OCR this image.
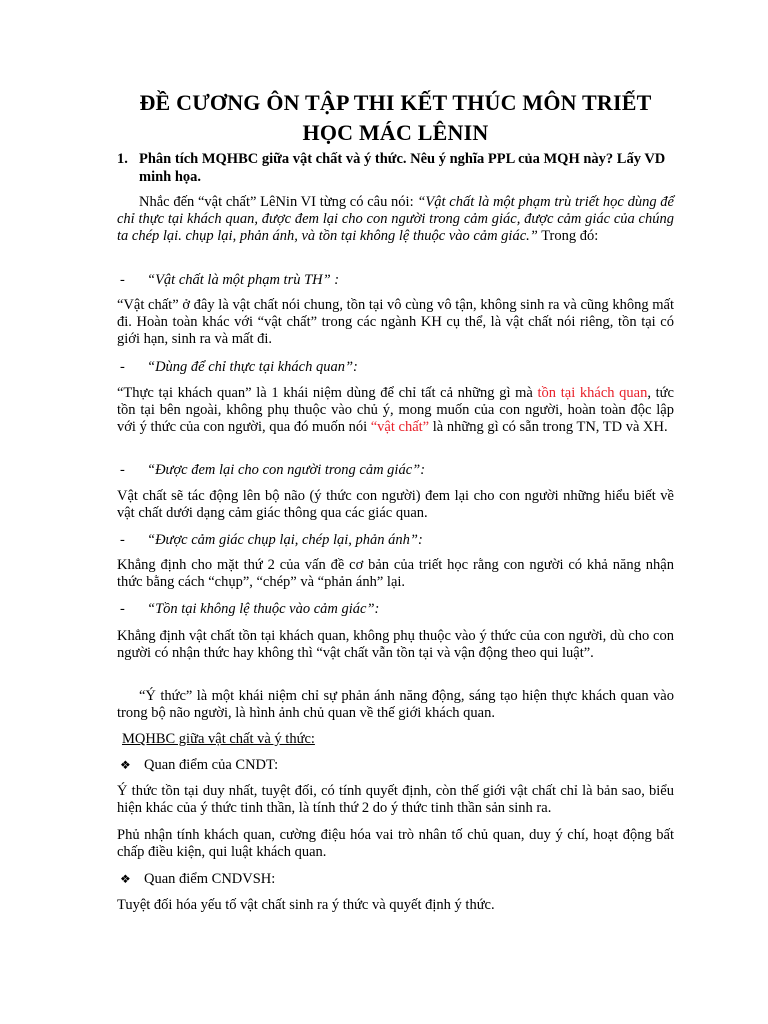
ĐỀ CƯƠNG ÔN TẬP THI KẾT THÚC MÔN TRIẾT
HỌC MÁC LÊNIN
1. Phân tích MQHBC giữa vật chất và ý thức. Nêu ý nghĩa PPL của MQH này? Lấy VD minh họa.
Nhắc đến “vật chất” LêNin VI từng có câu nói: “Vật chất là một phạm trù triết học dùng để chỉ thực tại khách quan, được đem lại cho con người trong cảm giác, được cảm giác của chúng ta chép lại. chụp lại, phản ánh, và tồn tại không lệ thuộc vào cảm giác.” Trong đó:
- “Vật chất là một phạm trù TH” :
“Vật chất” ở đây là vật chất nói chung, tồn tại vô cùng vô tận, không sinh ra và cũng không mất đi. Hoàn toàn khác với “vật chất” trong các ngành KH cụ thể, là vật chất nói riêng, tồn tại có giới hạn, sinh ra và mất đi.
- “Dùng để chỉ thực tại khách quan”:
“Thực tại khách quan” là 1 khái niệm dùng để chỉ tất cả những gì mà tồn tại khách quan, tức tồn tại bên ngoài, không phụ thuộc vào chủ ý, mong muốn của con người, hoàn toàn độc lập với ý thức của con người, qua đó muốn nói “vật chất” là những gì có sẵn trong TN, TD và XH.
- “Được đem lại cho con người trong cảm giác”:
Vật chất sẽ tác động lên bộ não (ý thức con người) đem lại cho con người những hiểu biết về vật chất dưới dạng cảm giác thông qua các giác quan.
- “Được cảm giác chụp lại, chép lại, phản ánh”:
Khẳng định cho mặt thứ 2 của vấn đề cơ bản của triết học rằng con người có khả năng nhận thức bằng cách “chụp”, “chép” và “phản ánh” lại.
- “Tồn tại không lệ thuộc vào cảm giác”:
Khẳng định vật chất tồn tại khách quan, không phụ thuộc vào ý thức của con người, dù cho con người có nhận thức hay không thì “vật chất vẫn tồn tại và vận động theo qui luật”.
“Ý thức” là một khái niệm chỉ sự phản ánh năng động, sáng tạo hiện thực khách quan vào trong bộ não người, là hình ảnh chủ quan về thế giới khách quan.
MQHBC giữa vật chất và ý thức:
❖ Quan điểm của CNDT:
Ý thức tồn tại duy nhất, tuyệt đối, có tính quyết định, còn thế giới vật chất chỉ là bản sao, biểu hiện khác của ý thức tinh thần, là tính thứ 2 do ý thức tinh thần sản sinh ra.
Phủ nhận tính khách quan, cường điệu hóa vai trò nhân tố chủ quan, duy ý chí, hoạt động bất chấp điều kiện, qui luật khách quan.
❖ Quan điểm CNDVSH:
Tuyệt đối hóa yếu tố vật chất sinh ra ý thức và quyết định ý thức.
